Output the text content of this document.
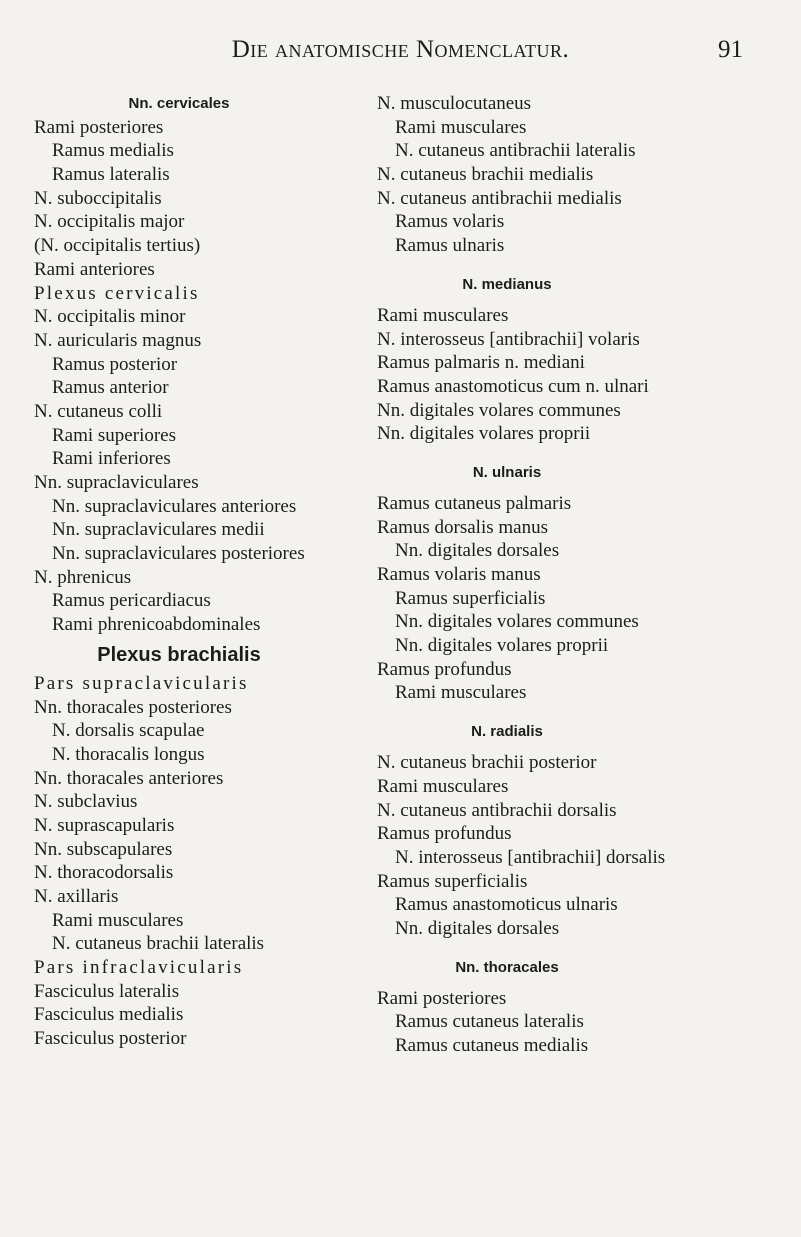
Die anatomische Nomenclatur.	91
Nn. cervicales
Rami posteriores
Ramus medialis
Ramus lateralis
N. suboccipitalis
N. occipitalis major
(N. occipitalis tertius)
Rami anteriores
Plexus cervicalis
N. occipitalis minor
N. auricularis magnus
Ramus posterior
Ramus anterior
N. cutaneus colli
Rami superiores
Rami inferiores
Nn. supraclaviculares
Nn. supraclaviculares anteriores
Nn. supraclaviculares medii
Nn. supraclaviculares posteriores
N. phrenicus
Ramus pericardiacus
Rami phrenicoabdominales
Plexus brachialis
Pars supraclavicularis
Nn. thoracales posteriores
N. dorsalis scapulae
N. thoracalis longus
Nn. thoracales anteriores
N. subclavius
N. suprascapularis
Nn. subscapulares
N. thoracodorsalis
N. axillaris
Rami musculares
N. cutaneus brachii lateralis
Pars infraclavicularis
Fasciculus lateralis
Fasciculus medialis
Fasciculus posterior
N. musculocutaneus
Rami musculares
N. cutaneus antibrachii lateralis
N. cutaneus brachii medialis
N. cutaneus antibrachii medialis
Ramus volaris
Ramus ulnaris
N. medianus
Rami musculares
N. interosseus [antibrachii] volaris
Ramus palmaris n. mediani
Ramus anastomoticus cum n. ulnari
Nn. digitales volares communes
Nn. digitales volares proprii
N. ulnaris
Ramus cutaneus palmaris
Ramus dorsalis manus
Nn. digitales dorsales
Ramus volaris manus
Ramus superficialis
Nn. digitales volares communes
Nn. digitales volares proprii
Ramus profundus
Rami musculares
N. radialis
N. cutaneus brachii posterior
Rami musculares
N. cutaneus antibrachii dorsalis
Ramus profundus
N. interosseus [antibrachii] dorsalis
Ramus superficialis
Ramus anastomoticus ulnaris
Nn. digitales dorsales
Nn. thoracales
Rami posteriores
Ramus cutaneus lateralis
Ramus cutaneus medialis
